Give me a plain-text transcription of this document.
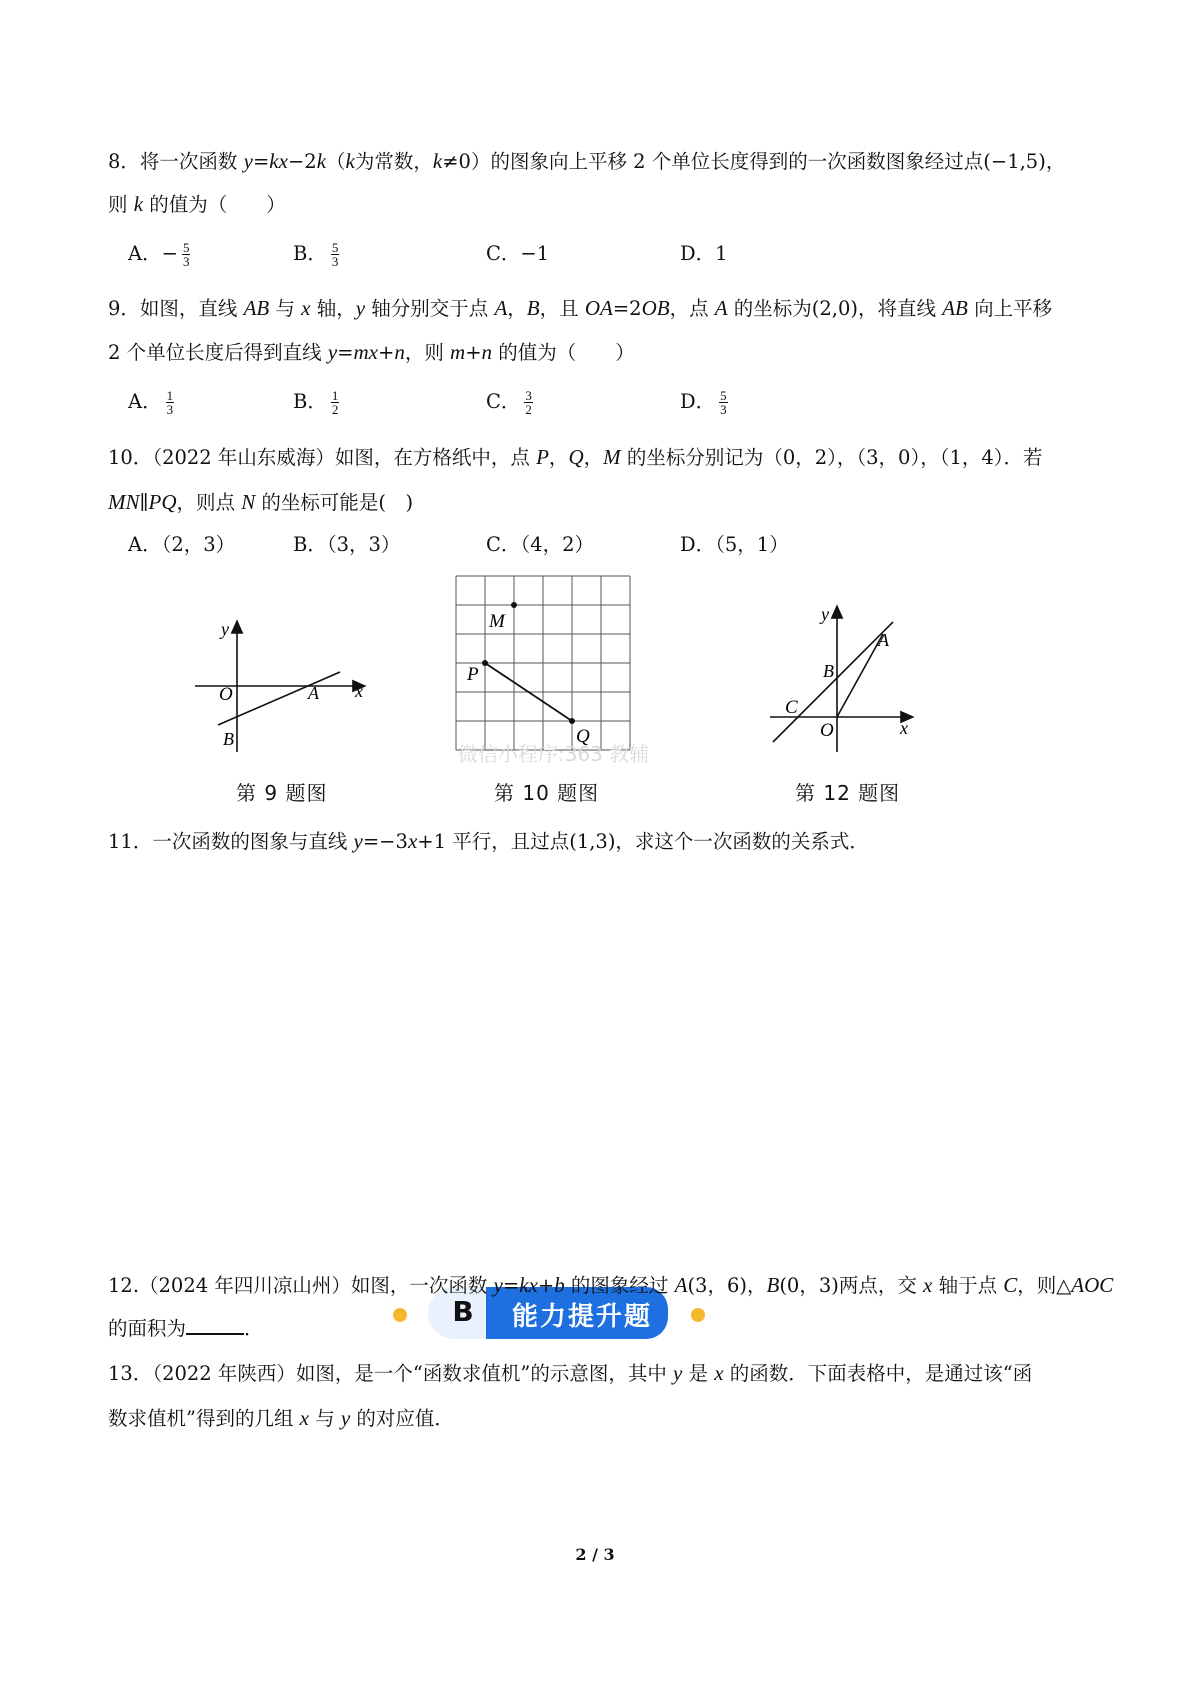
8．将一次函数 y=kx−2k（k为常数，k≠0）的图象向上平移 2 个单位长度得到的一次函数图象经过点(−1,5)，
则 k 的值为（　　）
9．如图，直线 AB 与 x 轴，y 轴分别交于点 A，B，且 OA=2OB，点 A 的坐标为(2,0)，将直线 AB 向上平移
2 个单位长度后得到直线 y=mx+n，则 m+n 的值为（　　）
10．（2022 年山东威海）如图，在方格纸中，点 P，Q，M 的坐标分别记为（0，2），（3，0），（1，4）．若
MN∥PQ，则点 N 的坐标可能是(　)
y
x
O	A
B
第 9 题图
微信小程序:363 教辅
M
P
Q
第 10 题图
y
x
O
A
B
C
第 12 题图
11．一次函数的图象与直线 y=−3x+1 平行，且过点(1,3)，求这个一次函数的关系式．
B	能力提升题
12.（2024 年四川凉山州）如图，一次函数 y=kx+b 的图象经过 A(3，6)，B(0，3)两点，交 x 轴于点 C，则△AOC
的面积为	．
13．（2022 年陕西）如图，是一个“函数求值机”的示意图，其中 y 是 x 的函数．下面表格中，是通过该“函
数求值机”得到的几组 x 与 y 的对应值．
2 / 3
A．− $\frac{5}{3}$	B． $\frac{5}{3}$	C．−1	D．1
A． $\frac{1}{3}$	B． $\frac{1}{2}$	C． $\frac{3}{2}$	D． $\frac{5}{3}$
A．（2，3）	B．（3，3）	C．（4，2）	D．（5，1）
